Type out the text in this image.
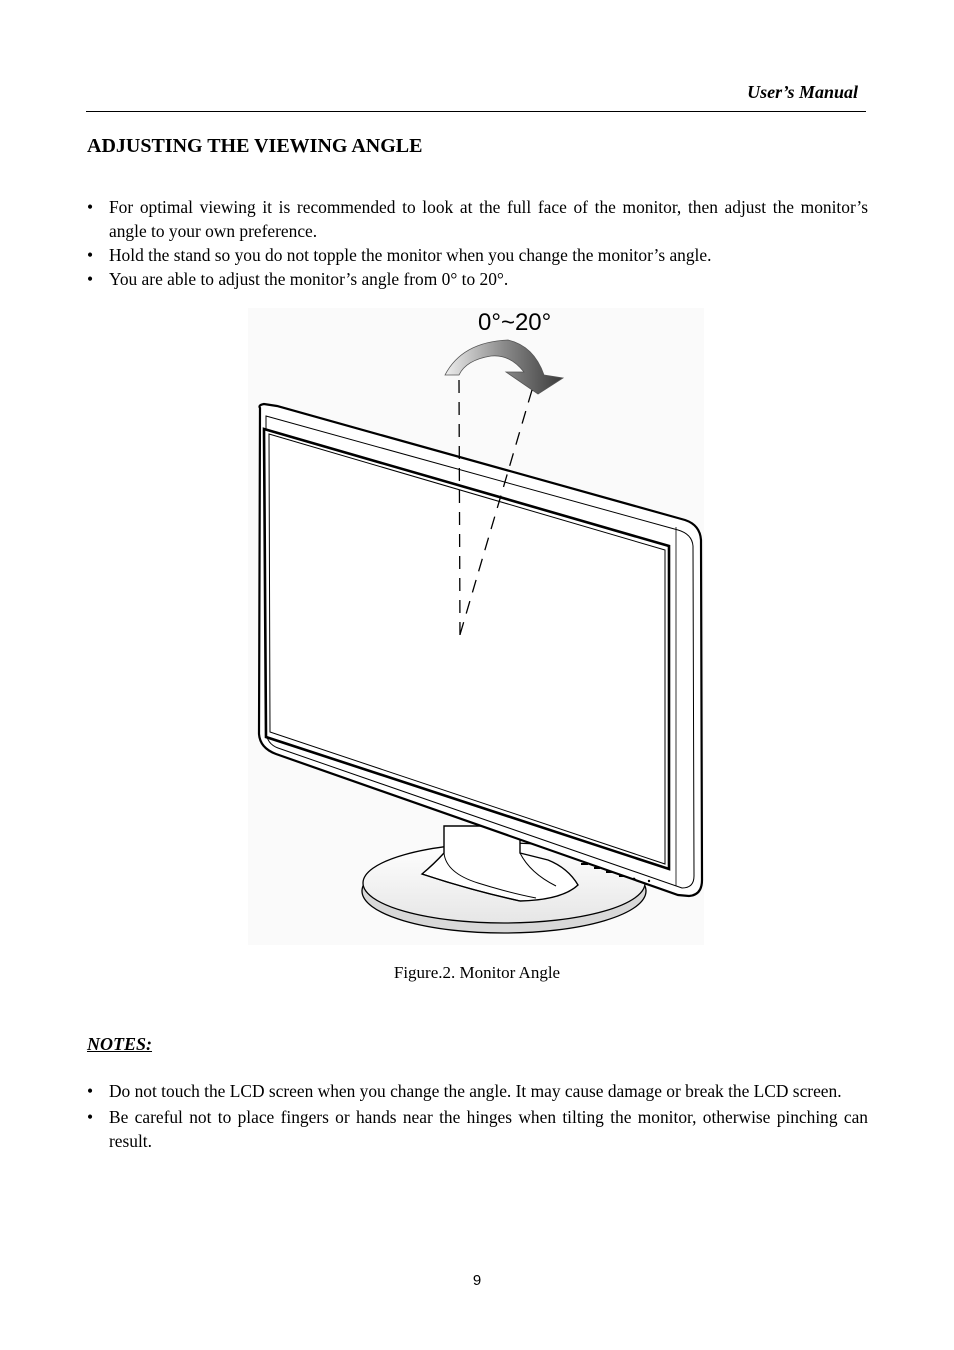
User’s Manual
ADJUSTING THE VIEWING ANGLE
• For optimal viewing it is recommended to look at the full face of the monitor, then adjust the monitor’s angle to your own preference.
• Hold the stand so you do not topple the monitor when you change the monitor’s angle.
• You are able to adjust the monitor’s angle from 0° to 20°.
0°~20°
Figure.2. Monitor Angle
NOTES:
• Do not touch the LCD screen when you change the angle. It may cause damage or break the LCD screen.
• Be careful not to place fingers or hands near the hinges when tilting the monitor, otherwise pinching can result.
9
